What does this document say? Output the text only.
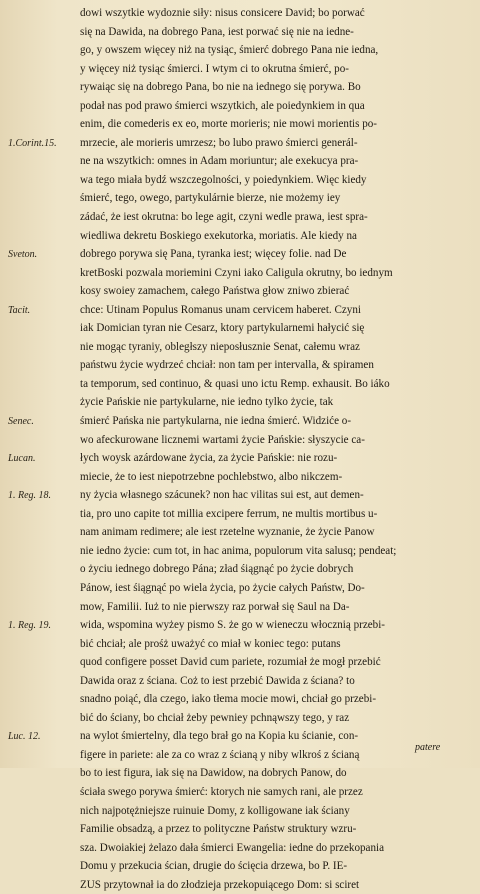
1.Corint.15.
Sveton.
Tacit.
Senec.
Lucan.
1. Reg. 18.
1. Reg. 19.
Luc. 12.
dowi wszytkie wydoznie siły: nisus consicere David; bo porwać
się na Dawida, na dobrego Pana, iest porwać się nie na iedne-
go, y owszem więcey niż na tysiąc, śmierć dobrego Pana nie iedna,
y więcey niż tysiąc śmierci. I wtym ci to okrutna śmierć, po-
rywaiąc się na dobrego Pana, bo nie na iednego się porywa. Bo
podał nas pod prawo śmierci wszytkich, ale poiedynkiem in qua
enim, die comederis ex eo, morte morieris; nie mowi morientis po-
mrzecie, ale morieris umrzesz; bo lubo prawo śmierci generál-
ne na wszytkich: omnes in Adam moriuntur; ale exekucya pra-
wa tego miała bydź wszczegolności, y poiedynkiem. Więc kiedy
śmierć, tego, owego, partykulárnie bierze, nie możemy iey
zádać, że iest okrutna: bo lege agit, czyni wedle prawa, iest spra-
wiedliwa dekretu Boskiego exekutorka, moriatis. Ale kiedy na
dobrego porywa się Pana, tyranka iest; więcey folie. nad De
kretBoski pozwala moriemini Czyni iako Caligula okrutny, bo iednym
kosy swoiey zamachem, całego Państwa głow zniwo zbierać
chce: Utinam Populus Romanus unam cervicem haberet. Czyni
iak Domician tyran nie Cesarz, ktory partykularnemi hałycić się
nie mogąc tyraniy, obległszy nieposłusznie Senat, całemu wraz
państwu życie wydrzeć chciał: non tam per intervalla, & spiramen
ta temporum, sed continuo, & quasi uno ictu Remp. exhausit. Bo iáko
życie Pańskie nie partykularne, nie iedno tylko życie, tak
śmierć Pańska nie partykularna, nie iedna śmierć. Widziće o-
wo afeckurowane licznemi wartami życie Pańskie: słyszycie ca-
łych woysk azárdowane życia, za życie Pańskie: nie rozu-
miecie, że to iest niepotrzebne pochlebstwo, albo nikczem-
ny życia własnego szácunek? non hac vilitas sui est, aut demen-
tia, pro uno capite tot millia excipere ferrum, ne multis mortibus u-
nam animam redimere; ale iest rzetelne wyznanie, że życie Panow
nie iedno życie: cum tot, in hac anima, populorum vita salusq; pendeat;
o życiu iednego dobrego Pána; zład śiągnąć po życie dobrych
Pánow, iest śiągnąć po wiela życia, po życie całych Państw, Do-
mow, Familii. Iuż to nie pierwszy raz porwał się Saul na Da-
wida, wspomina wyżey pismo S. że go w wieneczu włocznią przebi-
bić chciał; ale prośż uważyć co miał w koniec tego: putans
quod configere posset David cum pariete, rozumiał że mogł przebić
Dawida oraz z ściana. Coż to iest przebić Dawida z ściana? to
snadno poiąć, dla czego, iako tłema mocie mowi, chciał go przebi-
bić do ściany, bo chciał żeby pewniey pchnąwszy tego, y raz
na wylot śmiertelny, dla tego brał go na Kopia ku ścianie, con-
figere in pariete: ale za co wraz z ścianą y niby wlkroś z ścianą
bo to iest figura, iak się na Dawidow, na dobrych Panow, do
ściała swego porywa śmierć: ktorych nie samych rani, ale przez
nich najpotężniejsze ruinuie Domy, z kolligowane iak ściany
Familie obsadzą, a przez to polityczne Państw struktury wzru-
sza. Dwoiakiej żelazo dała śmierci Ewangelia: iedne do przekopania
Domu y przekucia ścian, drugie do ścięcia drzewa, bo P. IE-
ZUS przytownał ia do złodzieja przekopuiącego Dom: si sciret
patere
